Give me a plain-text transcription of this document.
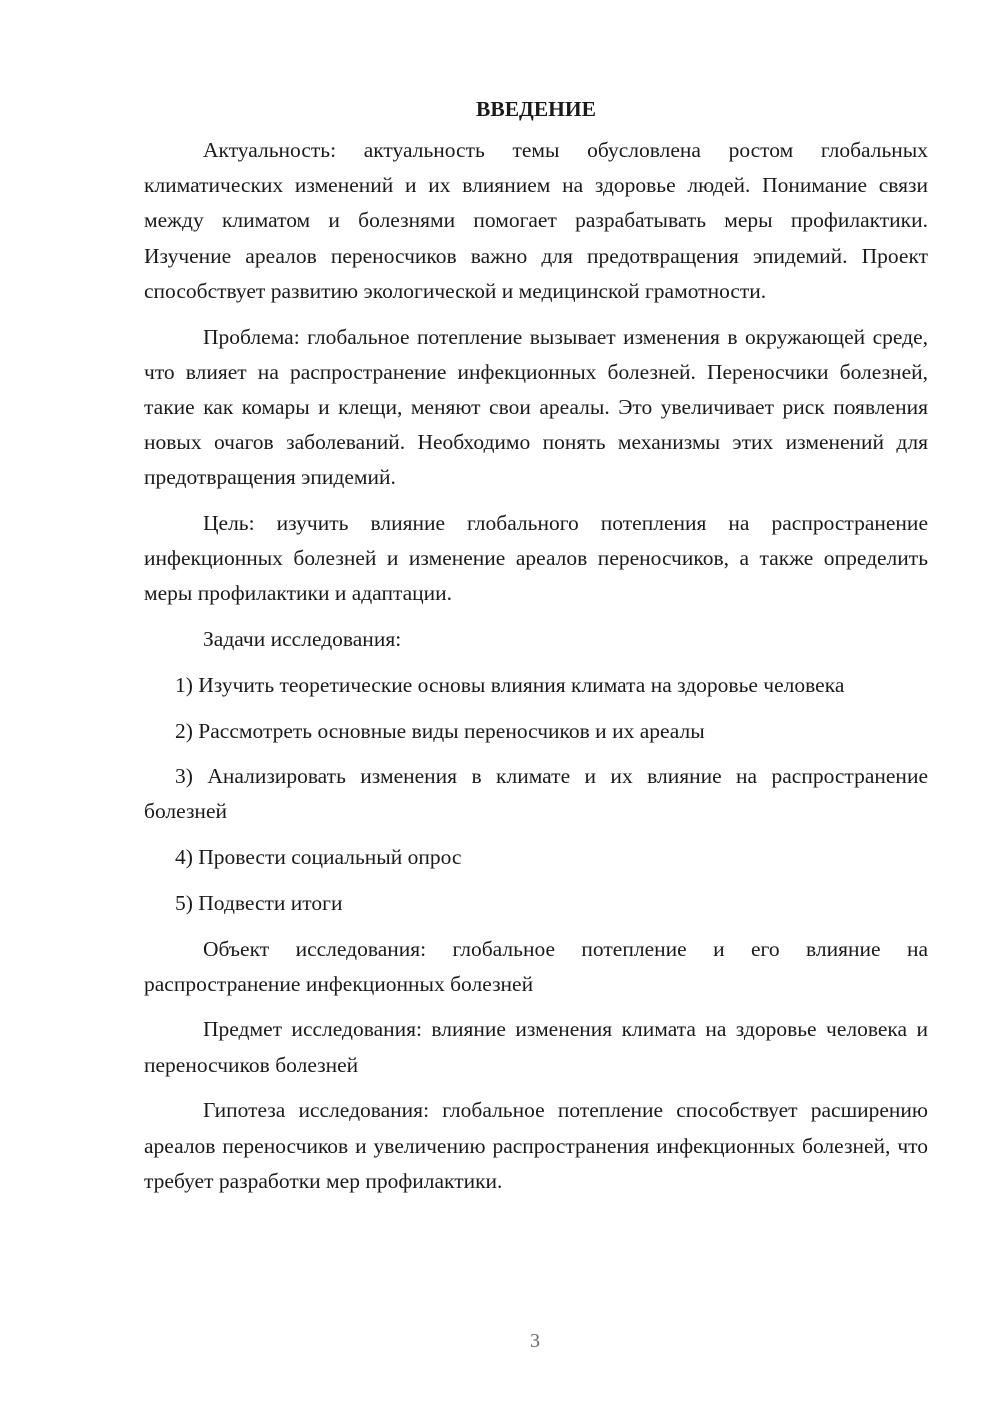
ВВЕДЕНИЕ

Актуальность: актуальность темы обусловлена ростом глобальных климатических изменений и их влиянием на здоровье людей. Понимание связи между климатом и болезнями помогает разрабатывать меры профилактики. Изучение ареалов переносчиков важно для предотвращения эпидемий. Проект способствует развитию экологической и медицинской грамотности.

Проблема: глобальное потепление вызывает изменения в окружающей среде, что влияет на распространение инфекционных болезней. Переносчики болезней, такие как комары и клещи, меняют свои ареалы. Это увеличивает риск появления новых очагов заболеваний. Необходимо понять механизмы этих изменений для предотвращения эпидемий.

Цель: изучить влияние глобального потепления на распространение инфекционных болезней и изменение ареалов переносчиков, а также определить меры профилактики и адаптации.

Задачи исследования:

1) Изучить теоретические основы влияния климата на здоровье человека

2) Рассмотреть основные виды переносчиков и их ареалы

3) Анализировать изменения в климате и их влияние на распространение болезней

4) Провести социальный опрос

5) Подвести итоги

Объект исследования: глобальное потепление и его влияние на распространение инфекционных болезней

Предмет исследования: влияние изменения климата на здоровье человека и переносчиков болезней

Гипотеза исследования: глобальное потепление способствует расширению ареалов переносчиков и увеличению распространения инфекционных болезней, что требует разработки мер профилактики.

3
